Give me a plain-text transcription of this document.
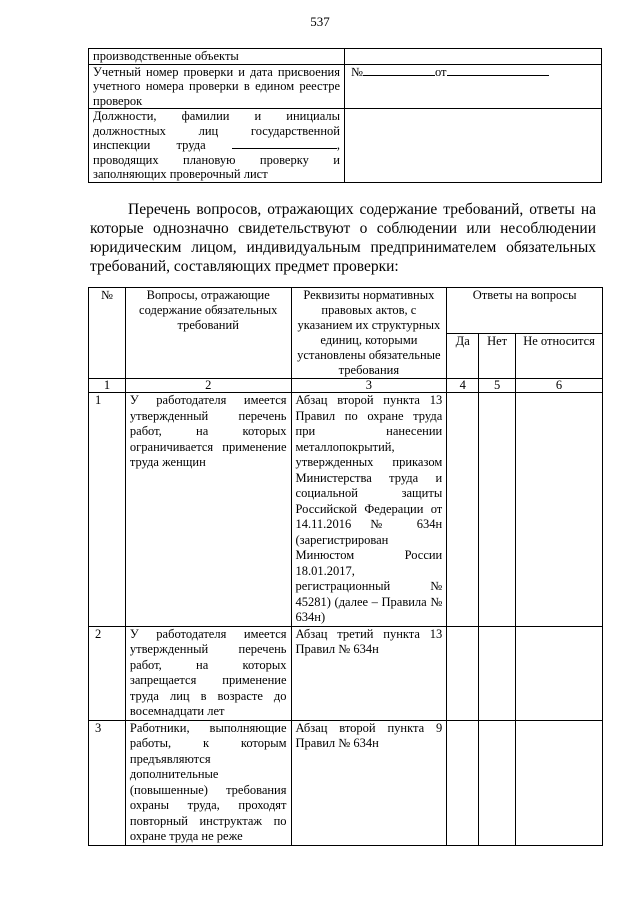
537
производственные объекты	
Учетный номер проверки и дата присвоения учетного номера проверки в едином реестре проверок	№ от
Должности, фамилии и инициалы должностных лиц государственной инспекции труда , проводящих плановую проверку и заполняющих проверочный лист	

Перечень вопросов, отражающих содержание требований, ответы на которые однозначно свидетельствуют о соблюдении или несоблюдении юридическим лицом, индивидуальным предпринимателем обязательных требований, составляющих предмет проверки:

№	Вопросы, отражающие содержание обязательных требований	Реквизиты нормативных правовых актов, с указанием их структурных единиц, которыми установлены обязательные требования	Ответы на вопросы		
			Да	Нет	Не относится
1	2	3	4	5	6
1	У работодателя имеется утвержденный перечень работ, на которых ограничивается применение труда женщин	Абзац второй пункта 13 Правил по охране труда при нанесении металлопокрытий, утвержденных приказом Министерства труда и социальной защиты Российской Федерации от 14.11.2016 № 634н (зарегистрирован Минюстом России 18.01.2017, регистрационный № 45281) (далее – Правила № 634н)			
2	У работодателя имеется утвержденный перечень работ, на которых запрещается применение труда лиц в возрасте до восемнадцати лет	Абзац третий пункта 13 Правил № 634н			
3	Работники, выполняющие работы, к которым предъявляются дополнительные (повышенные) требования охраны труда, проходят повторный инструктаж по охране труда не реже	Абзац второй пункта 9 Правил № 634н			
